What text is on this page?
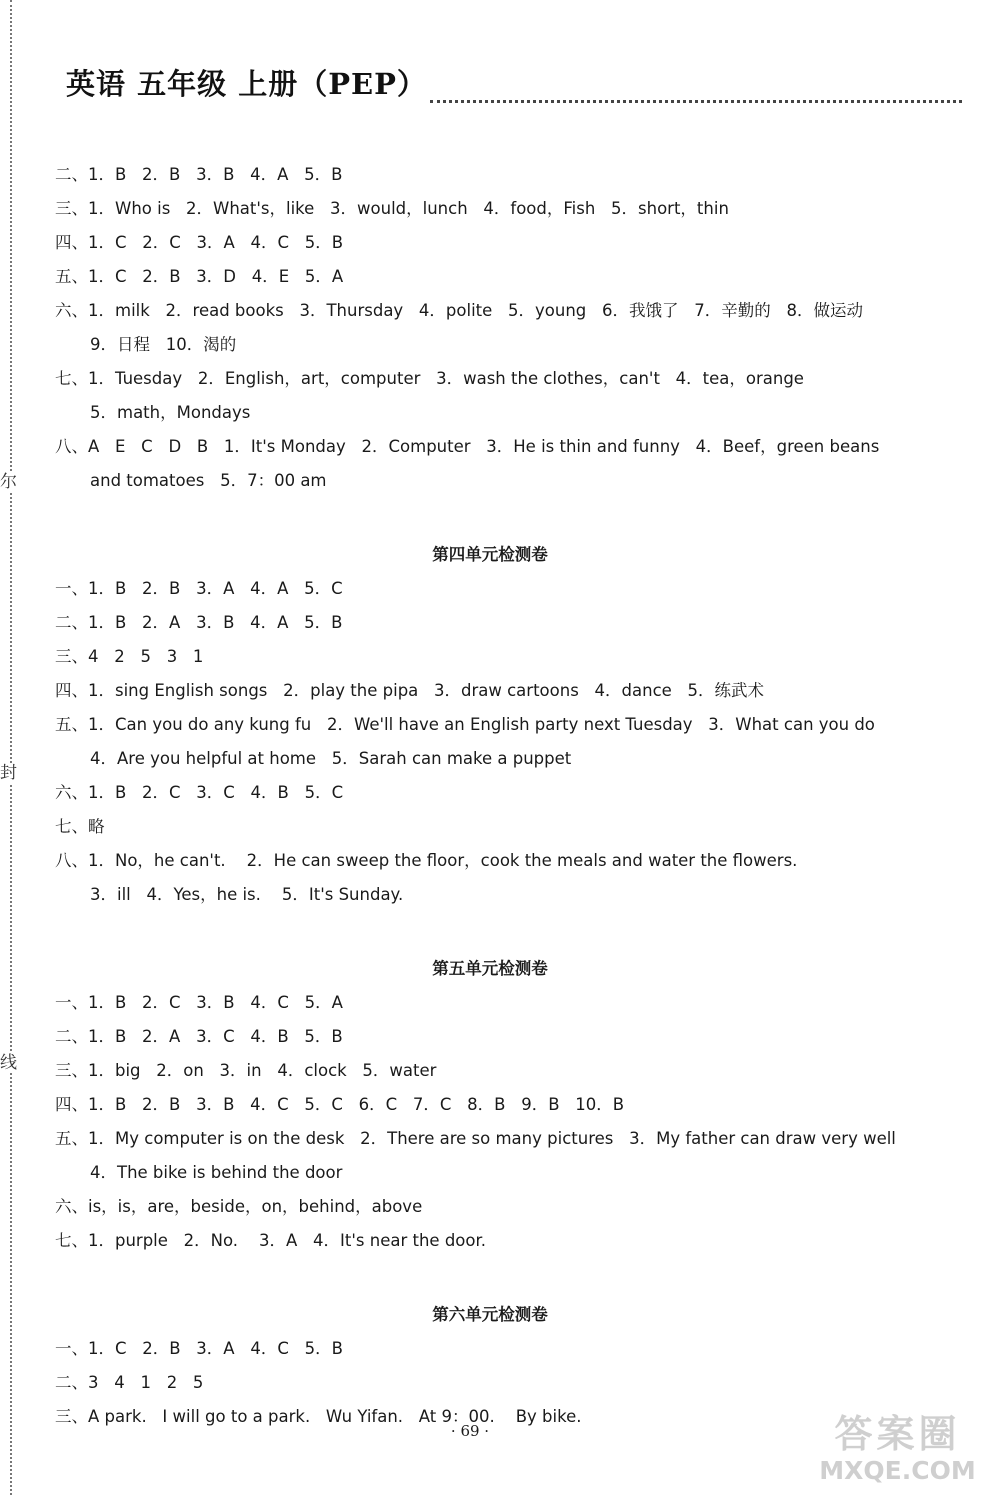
尔
封
线
英语 五年级 上册（PEP）
二、1．B   2．B   3．B   4．A   5．B
三、1．Who is   2．What's，like   3．would，lunch   4．food，Fish   5．short，thin
四、1．C   2．C   3．A   4．C   5．B
五、1．C   2．B   3．D   4．E   5．A
六、1．milk   2．read books   3．Thursday   4．polite   5．young   6．我饿了   7．辛勤的   8．做运动
9．日程   10．渴的
七、1．Tuesday   2．English，art，computer   3．wash the clothes，can't   4．tea，orange
5．math，Mondays
八、A   E   C   D   B   1．It's Monday   2．Computer   3．He is thin and funny   4．Beef，green beans
and tomatoes   5．7：00 am
第四单元检测卷
一、1．B   2．B   3．A   4．A   5．C
二、1．B   2．A   3．B   4．A   5．B
三、4   2   5   3   1
四、1．sing English songs   2．play the pipa   3．draw cartoons   4．dance   5．练武术
五、1．Can you do any kung fu   2．We'll have an English party next Tuesday   3．What can you do
4．Are you helpful at home   5．Sarah can make a puppet
六、1．B   2．C   3．C   4．B   5．C
七、略
八、1．No，he can't.    2．He can sweep the floor，cook the meals and water the flowers.
3．ill   4．Yes，he is.    5．It's Sunday.
第五单元检测卷
一、1．B   2．C   3．B   4．C   5．A
二、1．B   2．A   3．C   4．B   5．B
三、1．big   2．on   3．in   4．clock   5．water
四、1．B   2．B   3．B   4．C   5．C   6．C   7．C   8．B   9．B   10．B
五、1．My computer is on the desk   2．There are so many pictures   3．My father can draw very well
4．The bike is behind the door
六、is，is，are，beside，on，behind，above
七、1．purple   2．No.    3．A   4．It's near the door.
第六单元检测卷
一、1．C   2．B   3．A   4．C   5．B
二、3   4   1   2   5
三、A park.   I will go to a park.   Wu Yifan.   At 9：00.    By bike.
· 69 ·	答案圈
MXQE.COM
